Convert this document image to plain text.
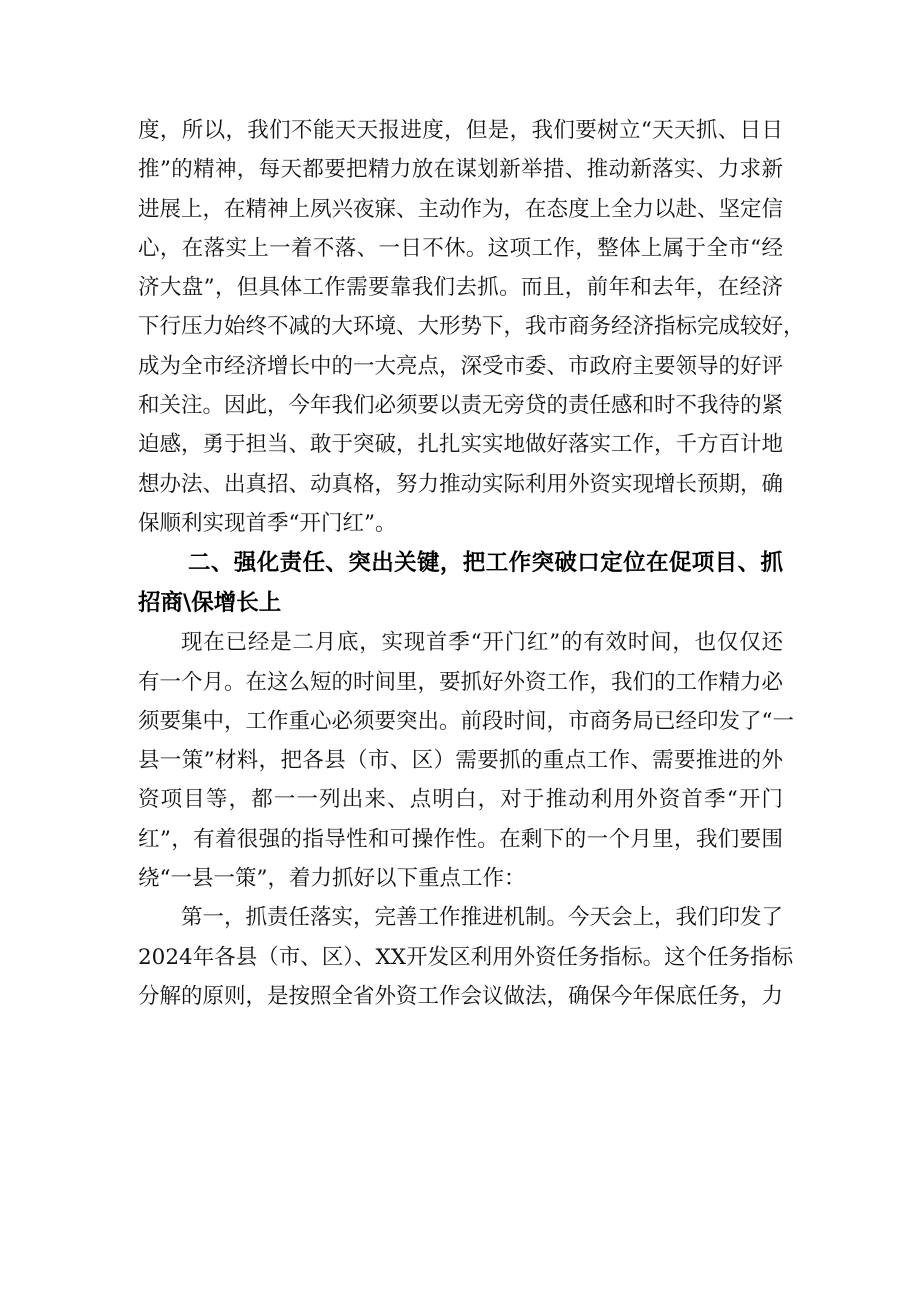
度，所以，我们不能天天报进度，但是，我们要树立“天天抓、日日
推”的精神，每天都要把精力放在谋划新举措、推动新落实、力求新
进展上，在精神上夙兴夜寐、主动作为，在态度上全力以赴、坚定信
心，在落实上一着不落、一日不休。这项工作，整体上属于全市“经
济大盘”，但具体工作需要靠我们去抓。而且，前年和去年，在经济
下行压力始终不减的大环境、大形势下，我市商务经济指标完成较好，
成为全市经济增长中的一大亮点，深受市委、市政府主要领导的好评
和关注。因此，今年我们必须要以责无旁贷的责任感和时不我待的紧
迫感，勇于担当、敢于突破，扎扎实实地做好落实工作，千方百计地
想办法、出真招、动真格，努力推动实际利用外资实现增长预期，确
保顺利实现首季“开门红”。
二、强化责任、突出关键，把工作突破口定位在促项目、抓
招商\保增长上
现在已经是二月底，实现首季“开门红”的有效时间，也仅仅还
有一个月。在这么短的时间里，要抓好外资工作，我们的工作精力必
须要集中，工作重心必须要突出。前段时间，市商务局已经印发了“一
县一策”材料，把各县（市、区）需要抓的重点工作、需要推进的外
资项目等，都一一列出来、点明白，对于推动利用外资首季“开门
红”，有着很强的指导性和可操作性。在剩下的一个月里，我们要围
绕“一县一策”，着力抓好以下重点工作：
第一，抓责任落实，完善工作推进机制。今天会上，我们印发了
2024年各县（市、区）、XX开发区利用外资任务指标。这个任务指标
分解的原则，是按照全省外资工作会议做法，确保今年保底任务，力
